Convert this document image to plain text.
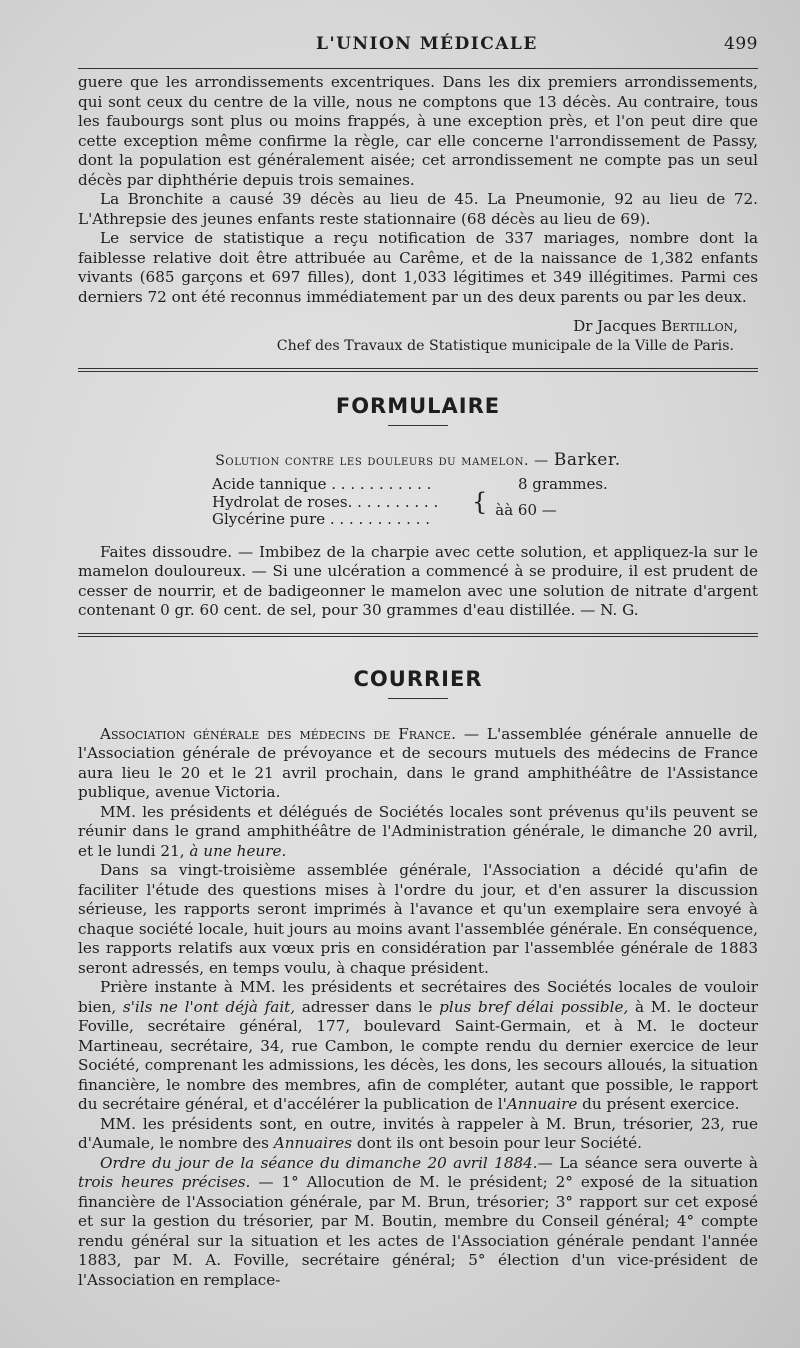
L'UNION MÉDICALE	499

guere que les arrondissements excentriques. Dans les dix premiers arrondissements, qui sont ceux du centre de la ville, nous ne comptons que 13 décès. Au contraire, tous les faubourgs sont plus ou moins frappés, à une exception près, et l'on peut dire que cette exception même confirme la règle, car elle concerne l'arrondissement de Passy, dont la population est généralement aisée; cet arrondissement ne compte pas un seul décès par diphthérie depuis trois semaines.

La Bronchite a causé 39 décès au lieu de 45. La Pneumonie, 92 au lieu de 72. L'Athrepsie des jeunes enfants reste stationnaire (68 décès au lieu de 69).

Le service de statistique a reçu notification de 337 mariages, nombre dont la faiblesse relative doit être attribuée au Carême, et de la naissance de 1,382 enfants vivants (685 garçons et 697 filles), dont 1,033 légitimes et 349 illégitimes. Parmi ces derniers 72 ont été reconnus immédiatement par un des deux parents ou par les deux.

Dr Jacques Bertillon,
Chef des Travaux de Statistique municipale de la Ville de Paris.
FORMULAIRE
Solution contre les douleurs du mamelon. — Barker.
Acide tannique . . . . . . . . . . .	8 grammes.
Hydrolat de roses. . . . . . . . . .	{ àà 60 —
Glycérine pure . . . . . . . . . . .

Faites dissoudre. — Imbibez de la charpie avec cette solution, et appliquez-la sur le mamelon douloureux. — Si une ulcération a commencé à se produire, il est prudent de cesser de nourrir, et de badigeonner le mamelon avec une solution de nitrate d'argent contenant 0 gr. 60 cent. de sel, pour 30 grammes d'eau distillée. — N. G.

COURRIER

Association générale des médecins de France. — L'assemblée générale annuelle de l'Association générale de prévoyance et de secours mutuels des médecins de France aura lieu le 20 et le 21 avril prochain, dans le grand amphithéâtre de l'Assistance publique, avenue Victoria.

MM. les présidents et délégués de Sociétés locales sont prévenus qu'ils peuvent se réunir dans le grand amphithéâtre de l'Administration générale, le dimanche 20 avril, et le lundi 21, à une heure.

Dans sa vingt-troisième assemblée générale, l'Association a décidé qu'afin de faciliter l'étude des questions mises à l'ordre du jour, et d'en assurer la discussion sérieuse, les rapports seront imprimés à l'avance et qu'un exemplaire sera envoyé à chaque société locale, huit jours au moins avant l'assemblée générale. En conséquence, les rapports relatifs aux vœux pris en considération par l'assemblée générale de 1883 seront adressés, en temps voulu, à chaque président.

Prière instante à MM. les présidents et secrétaires des Sociétés locales de vouloir bien, s'ils ne l'ont déjà fait, adresser dans le plus bref délai possible, à M. le docteur Foville, secrétaire général, 177, boulevard Saint-Germain, et à M. le docteur Martineau, secrétaire, 34, rue Cambon, le compte rendu du dernier exercice de leur Société, comprenant les admissions, les décès, les dons, les secours alloués, la situation financière, le nombre des membres, afin de compléter, autant que possible, le rapport du secrétaire général, et d'accélérer la publication de l'Annuaire du présent exercice.

MM. les présidents sont, en outre, invités à rappeler à M. Brun, trésorier, 23, rue d'Aumale, le nombre des Annuaires dont ils ont besoin pour leur Société.

Ordre du jour de la séance du dimanche 20 avril 1884.— La séance sera ouverte à trois heures précises. — 1° Allocution de M. le président; 2° exposé de la situation financière de l'Association générale, par M. Brun, trésorier; 3° rapport sur cet exposé et sur la gestion du trésorier, par M. Boutin, membre du Conseil général; 4° compte rendu général sur la situation et les actes de l'Association générale pendant l'année 1883, par M. A. Foville, secrétaire général; 5° élection d'un vice-président de l'Association en remplace-
